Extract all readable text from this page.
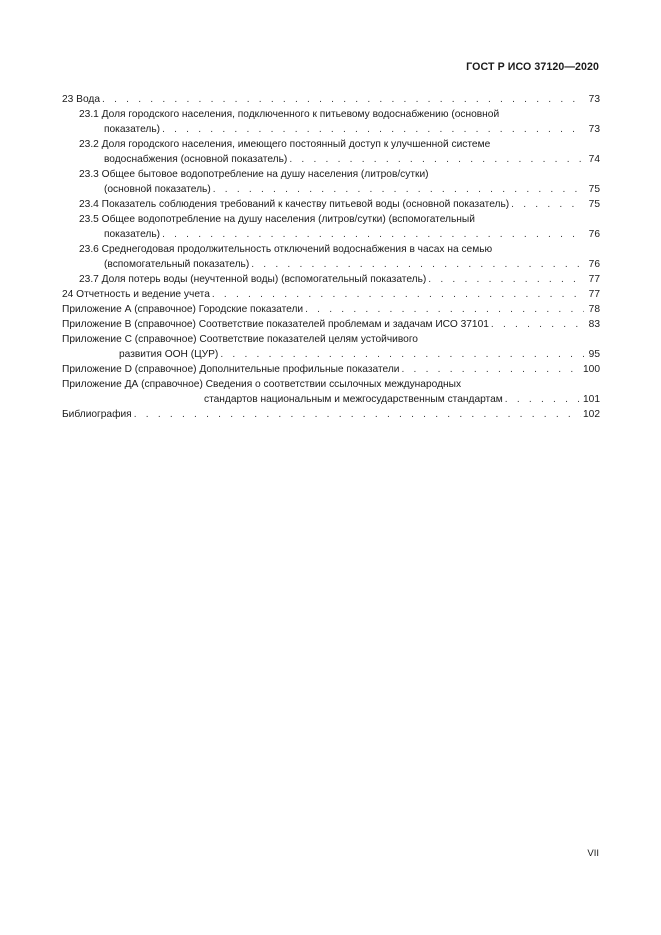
ГОСТ Р ИСО 37120—2020
23 Вода . . .	73
23.1 Доля городского населения, подключенного к питьевому водоснабжению (основной
показатель) . . .	73
23.2 Доля городского населения, имеющего постоянный доступ к улучшенной системе
водоснабжения (основной показатель) . . .	74
23.3 Общее бытовое водопотребление на душу населения (литров/сутки)
(основной показатель) . . .	75
23.4 Показатель соблюдения требований к качеству питьевой воды (основной показатель) . . .	75
23.5 Общее водопотребление на душу населения (литров/сутки) (вспомогательный
показатель) . . .	76
23.6 Среднегодовая продолжительность отключений водоснабжения в часах на семью
(вспомогательный показатель) . . .	76
23.7 Доля потерь воды (неучтенной воды) (вспомогательный показатель) . . .	77
24 Отчетность и ведение учета . . .	77
Приложение А (справочное) Городские показатели . . .	78
Приложение В (справочное) Соответствие показателей проблемам и задачам ИСО 37101 . . .	83
Приложение С (справочное) Соответствие показателей целям устойчивого
развития ООН (ЦУР) . . .	95
Приложение D (справочное) Дополнительные профильные показатели . . .	100
Приложение ДА (справочное) Сведения о соответствии ссылочных международных
стандартов национальным и межгосударственным стандартам . . .	101
Библиография . . .	102
VII
